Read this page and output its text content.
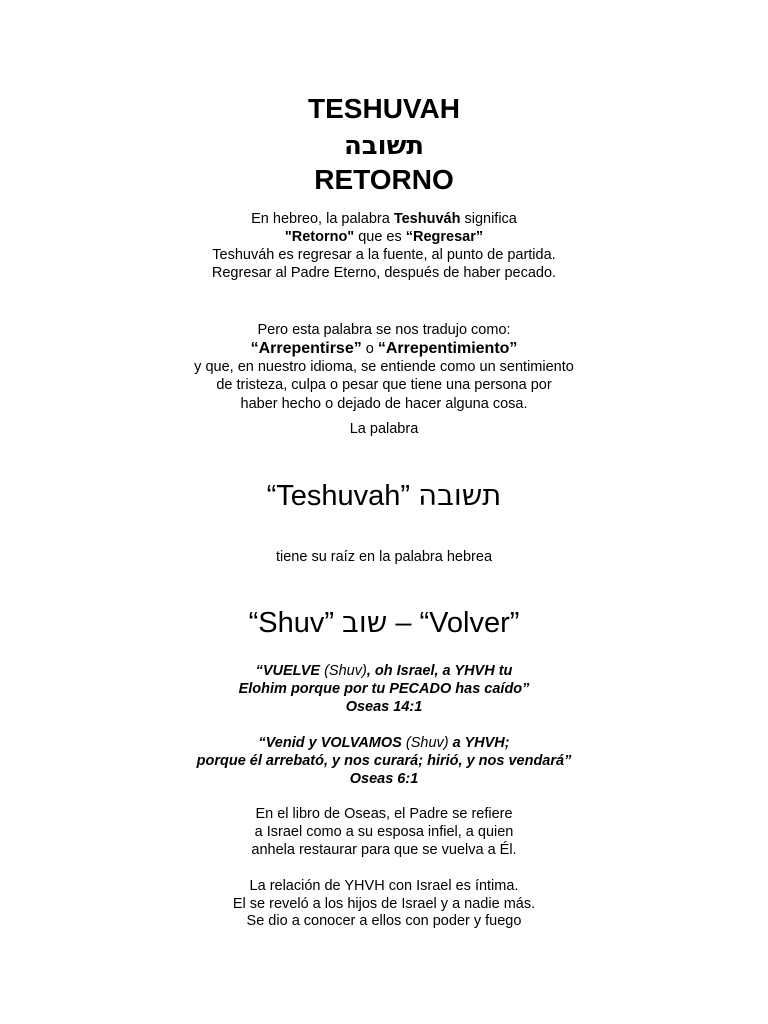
TESHUVAH
תשובה
RETORNO
En hebreo, la palabra Teshuváh significa
"Retorno" que es “Regresar”
Teshuváh es regresar a la fuente, al punto de partida.
Regresar al Padre Eterno, después de haber pecado.
Pero esta palabra se nos tradujo como:
“Arrepentirse” o “Arrepentimiento”
y que, en nuestro idioma, se entiende como un sentimiento
de tristeza, culpa o pesar que tiene una persona por
haber hecho o dejado de hacer alguna cosa.
La palabra
“Teshuvah” תשובה
tiene su raíz en la palabra hebrea
“Shuv” שוב – “Volver”
“VUELVE (Shuv), oh Israel, a YHVH tu
Elohim porque por tu PECADO has caído”
Oseas 14:1
“Venid y VOLVAMOS (Shuv) a YHVH;
porque él arrebató, y nos curará; hirió, y nos vendará”
Oseas 6:1
En el libro de Oseas, el Padre se refiere
a Israel como a su esposa infiel, a quien
anhela restaurar para que se vuelva a Él.
La relación de YHVH con Israel es íntima.
El se reveló a los hijos de Israel y a nadie más.
Se dio a conocer a ellos con poder y fuego
